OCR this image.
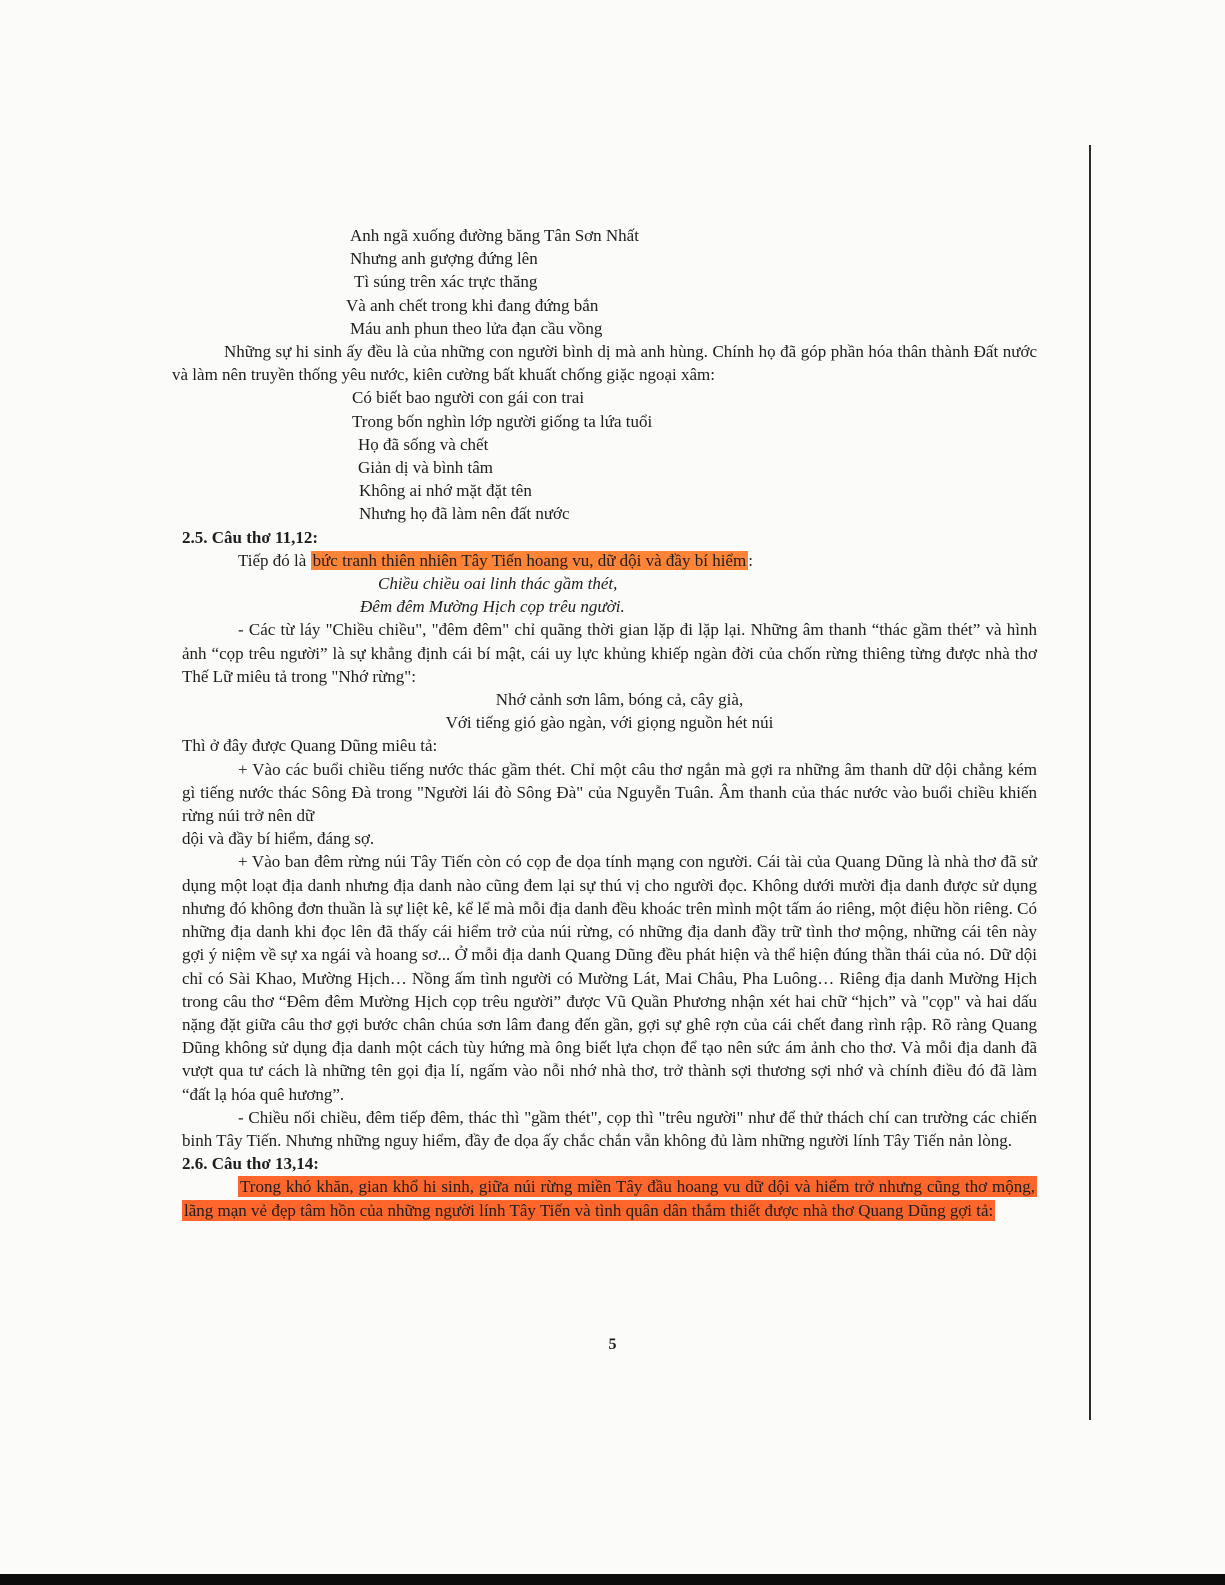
Anh ngã xuống đường băng Tân Sơn Nhất

Nhưng anh gượng đứng lên

Tì súng trên xác trực thăng

Và anh chết trong khi đang đứng bắn

Máu anh phun theo lửa đạn cầu vồng

Những sự hi sinh ấy đều là của những con người bình dị mà anh hùng. Chính họ đã góp phần hóa thân thành Đất nước và làm nên truyền thống yêu nước, kiên cường bất khuất chống giặc ngoại xâm:

Có biết bao người con gái con trai

Trong bốn nghìn lớp người giống ta lứa tuổi

Họ đã sống và chết

Giản dị và bình tâm

Không ai nhớ mặt đặt tên

Nhưng họ đã làm nên đất nước

2.5. Câu thơ 11,12:

Tiếp đó là bức tranh thiên nhiên Tây Tiến hoang vu, dữ dội và đầy bí hiểm :

Chiều chiều oai linh thác gầm thét,

Đêm đêm Mường Hịch cọp trêu người.

- Các từ láy "Chiều chiều", "đêm đêm" chỉ quãng thời gian lặp đi lặp lại. Những âm thanh “thác gầm thét” và hình ảnh “cọp trêu người” là sự khẳng định cái bí mật, cái uy lực khủng khiếp ngàn đời của chốn rừng thiêng từng được nhà thơ Thế Lữ miêu tả trong "Nhớ rừng":

Nhớ cảnh sơn lâm, bóng cả, cây già,

Với tiếng gió gào ngàn, với giọng nguồn hét núi

Thì ở đây được Quang Dũng miêu tả:

+ Vào các buổi chiều tiếng nước thác gầm thét. Chỉ một câu thơ ngắn mà gợi ra những âm thanh dữ dội chẳng kém gì tiếng nước thác Sông Đà trong "Người lái đò Sông Đà" của Nguyễn Tuân. Âm thanh của thác nước vào buổi chiều khiến rừng núi trở nên dữ

dội và đầy bí hiểm, đáng sợ.

+ Vào ban đêm rừng núi Tây Tiến còn có cọp đe dọa tính mạng con người. Cái tài của Quang Dũng là nhà thơ đã sử dụng một loạt địa danh nhưng địa danh nào cũng đem lại sự thú vị cho người đọc. Không dưới mười địa danh được sử dụng nhưng đó không đơn thuần là sự liệt kê, kể lể mà mỗi địa danh đều khoác trên mình một tấm áo riêng, một điệu hồn riêng. Có những địa danh khi đọc lên đã thấy cái hiểm trở của núi rừng, có những địa danh đầy trữ tình thơ mộng, những cái tên này gợi ý niệm về sự xa ngái và hoang sơ... Ở mỗi địa danh Quang Dũng đều phát hiện và thể hiện đúng thần thái của nó. Dữ dội chỉ có Sài Khao, Mường Hịch… Nồng ấm tình người có Mường Lát, Mai Châu, Pha Luông… Riêng địa danh Mường Hịch trong câu thơ “Đêm đêm Mường Hịch cọp trêu người” được Vũ Quần Phương nhận xét hai chữ “hịch” và "cọp" và hai dấu nặng đặt giữa câu thơ gợi bước chân chúa sơn lâm đang đến gần, gợi sự ghê rợn của cái chết đang rình rập. Rõ ràng Quang Dũng không sử dụng địa danh một cách tùy hứng mà ông biết lựa chọn để tạo nên sức ám ảnh cho thơ. Và mỗi địa danh đã vượt qua tư cách là những tên gọi địa lí, ngấm vào nỗi nhớ nhà thơ, trở thành sợi thương sợi nhớ và chính điều đó đã làm “đất lạ hóa quê hương”.

- Chiều nối chiều, đêm tiếp đêm, thác thì "gầm thét", cọp thì "trêu người" như để thử thách chí can trường các chiến binh Tây Tiến. Nhưng những nguy hiểm, đầy đe dọa ấy chắc chắn vẫn không đủ làm những người lính Tây Tiến nản lòng.

2.6. Câu thơ 13,14:

Trong khó khăn, gian khổ hi sinh, giữa núi rừng miền Tây đầu hoang vu dữ dội và hiểm trở nhưng cũng thơ mộng, lãng mạn vẻ đẹp tâm hồn của những người lính Tây Tiến và tình quân dân thắm thiết được nhà thơ Quang Dũng gợi tả:

5
